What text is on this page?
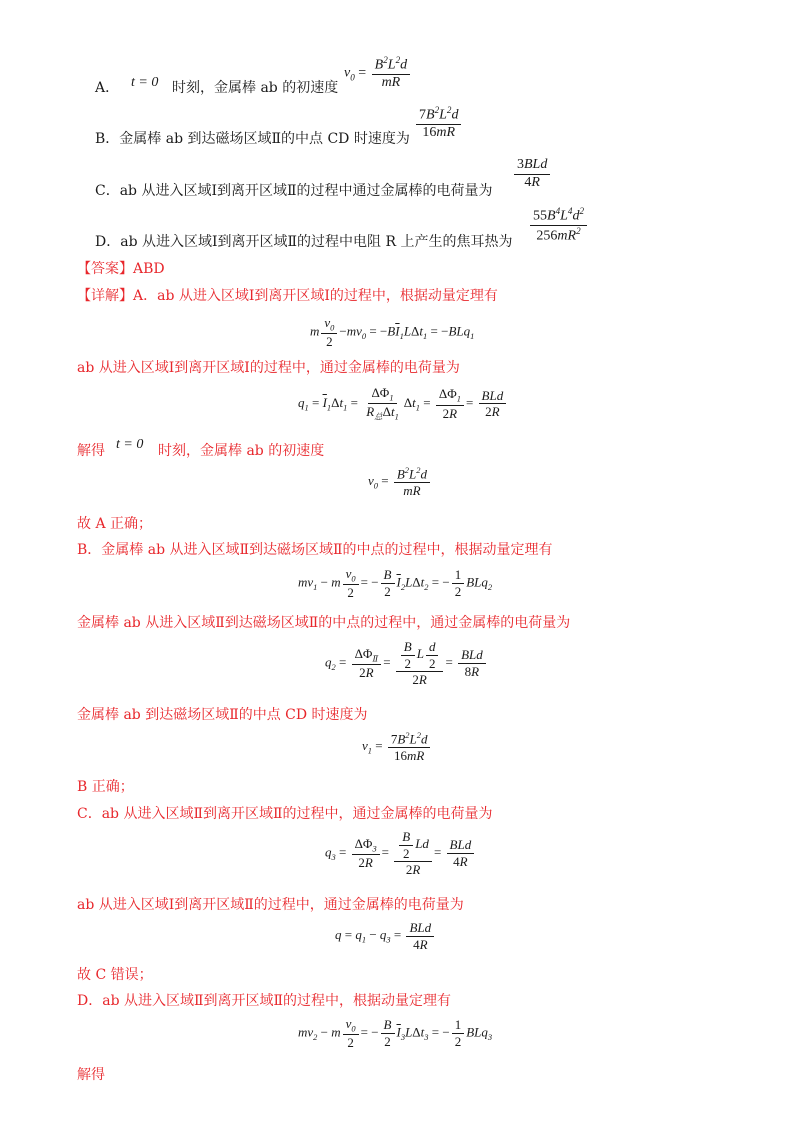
A． t = 0 时刻，金属棒 ab 的初速度
$v_0 = \frac{B^2L^2d}{mR}$
B．金属棒 ab 到达磁场区域Ⅱ的中点 CD 时速度为 $\frac{7B^2L^2d}{16mR}$
C．ab 从进入区域Ⅰ到离开区域Ⅱ的过程中通过金属棒的电荷量为
$\frac{\text{3BLd}}{4R}$
D．ab 从进入区域Ⅰ到离开区域Ⅱ的过程中电阻 R 上产生的焦耳热为 $\frac{55B^4L^4d^2}{256mR^2}$
【答案】ABD
【详解】A．ab 从进入区域Ⅰ到离开区域Ⅰ的过程中，根据动量定理有
m $\frac{v_0}{2} -mv_0 = -B\overline{I}_1L\Delta t_1 = -BLq_1$
ab 从进入区域Ⅰ到离开区域Ⅰ的过程中，通过金属棒的电荷量为
$q_1 = \overline{I}_1\Delta t_1 = \frac{\Delta\Phi_1}{R_总\Delta t_1} \Delta t_1 = \frac{\Delta\Phi_1}{2R} = \frac{\text{BLd}}{2R}$
解得 t = 0 时刻，金属棒 ab 的初速度
$v_0 = \frac{B^2L^2d}{mR}$
故 A 正确；
B．金属棒 ab 从进入区域Ⅱ到达磁场区域Ⅱ的中点的过程中，根据动量定理有
$mv_1 - m \frac{v_0}{2}$ = − $\frac{B}{2} \overline{I}_2L\Delta t_2$ = − $\frac{1}{2} BLq_2$
金属棒 ab 从进入区域Ⅱ到达磁场区域Ⅱ的中点的过程中，通过金属棒的电荷量为
$q_2 = \frac{\Delta\Phi_Ⅱ}{2R} = \frac{\frac{B}{2} L \frac{d}{2}}{2R} = \frac{\text{BLd}}{8R}$
金属棒 ab 到达磁场区域Ⅱ的中点 CD 时速度为
$v_1 = \frac{7B^2L^2d}{16mR}$
B 正确；
C．ab 从进入区域Ⅱ到离开区域Ⅱ的过程中，通过金属棒的电荷量为
$q_3 = \frac{\Delta\Phi_3}{2R} = \frac{\frac{B}{2} Ld}{2R} = \frac{\text{BLd}}{4R}$
ab 从进入区域Ⅰ到离开区域Ⅱ的过程中，通过金属棒的电荷量为
$q = q_1 - q_3 = \frac{\text{BLd}}{4R}$
故 C 错误；
D．ab 从进入区域Ⅱ到离开区域Ⅱ的过程中，根据动量定理有
$mv_2 - m \frac{v_0}{2}$ = − $\frac{B}{2} \overline{I}_3L\Delta t_3$ = − $\frac{1}{2} BLq_3$
解得
